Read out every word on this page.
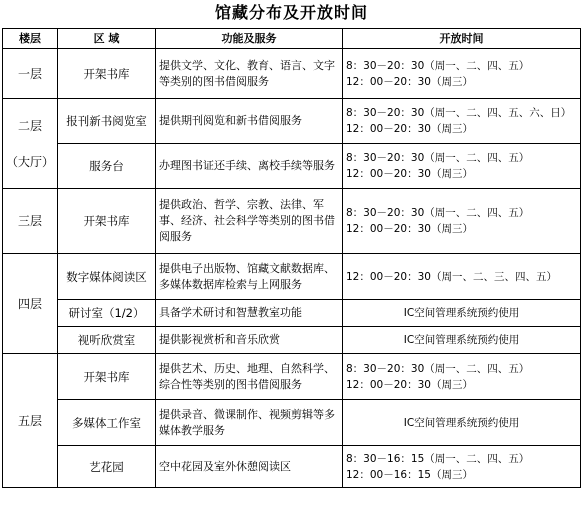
馆藏分布及开放时间
楼层	区 域	功能及服务	开放时间
一层	开架书库	提供文学、文化、教育、语言、文字等类别的图书借阅服务	8：30－20：30（周一、二、四、五）
12：00－20：30（周三）

二层
（大厅）	报刊新书阅览室	提供期刊阅览和新书借阅服务	8：30－20：30（周一、二、四、五、六、日）
12：00－20：30（周三）

	服务台	办理图书证还手续、离校手续等服务	8：30－20：30（周一、二、四、五）
12：00－20：30（周三）

三层	开架书库	提供政治、哲学、宗教、法律、军事、经济、社会科学等类别的图书借阅服务	8：30－20：30（周一、二、四、五）
12：00－20：30（周三）

四层	数字媒体阅读区	提供电子出版物、馆藏文献数据库、多媒体数据库检索与上网服务	12：00－20：30（周一、二、三、四、五）

	研讨室（1/2）	具备学术研讨和智慧教室功能	IC空间管理系统预约使用
	视听欣赏室	提供影视赏析和音乐欣赏	IC空间管理系统预约使用
五层	开架书库	提供艺术、历史、地理、自然科学、综合性等类别的图书借阅服务	8：30－20：30（周一、二、四、五）
12：00－20：30（周三）

	多媒体工作室	提供录音、微课制作、视频剪辑等多媒体教学服务	IC空间管理系统预约使用
	艺花园	空中花园及室外休憩阅读区	8：30－16：15（周一、二、四、五）
12：00－16：15（周三）
